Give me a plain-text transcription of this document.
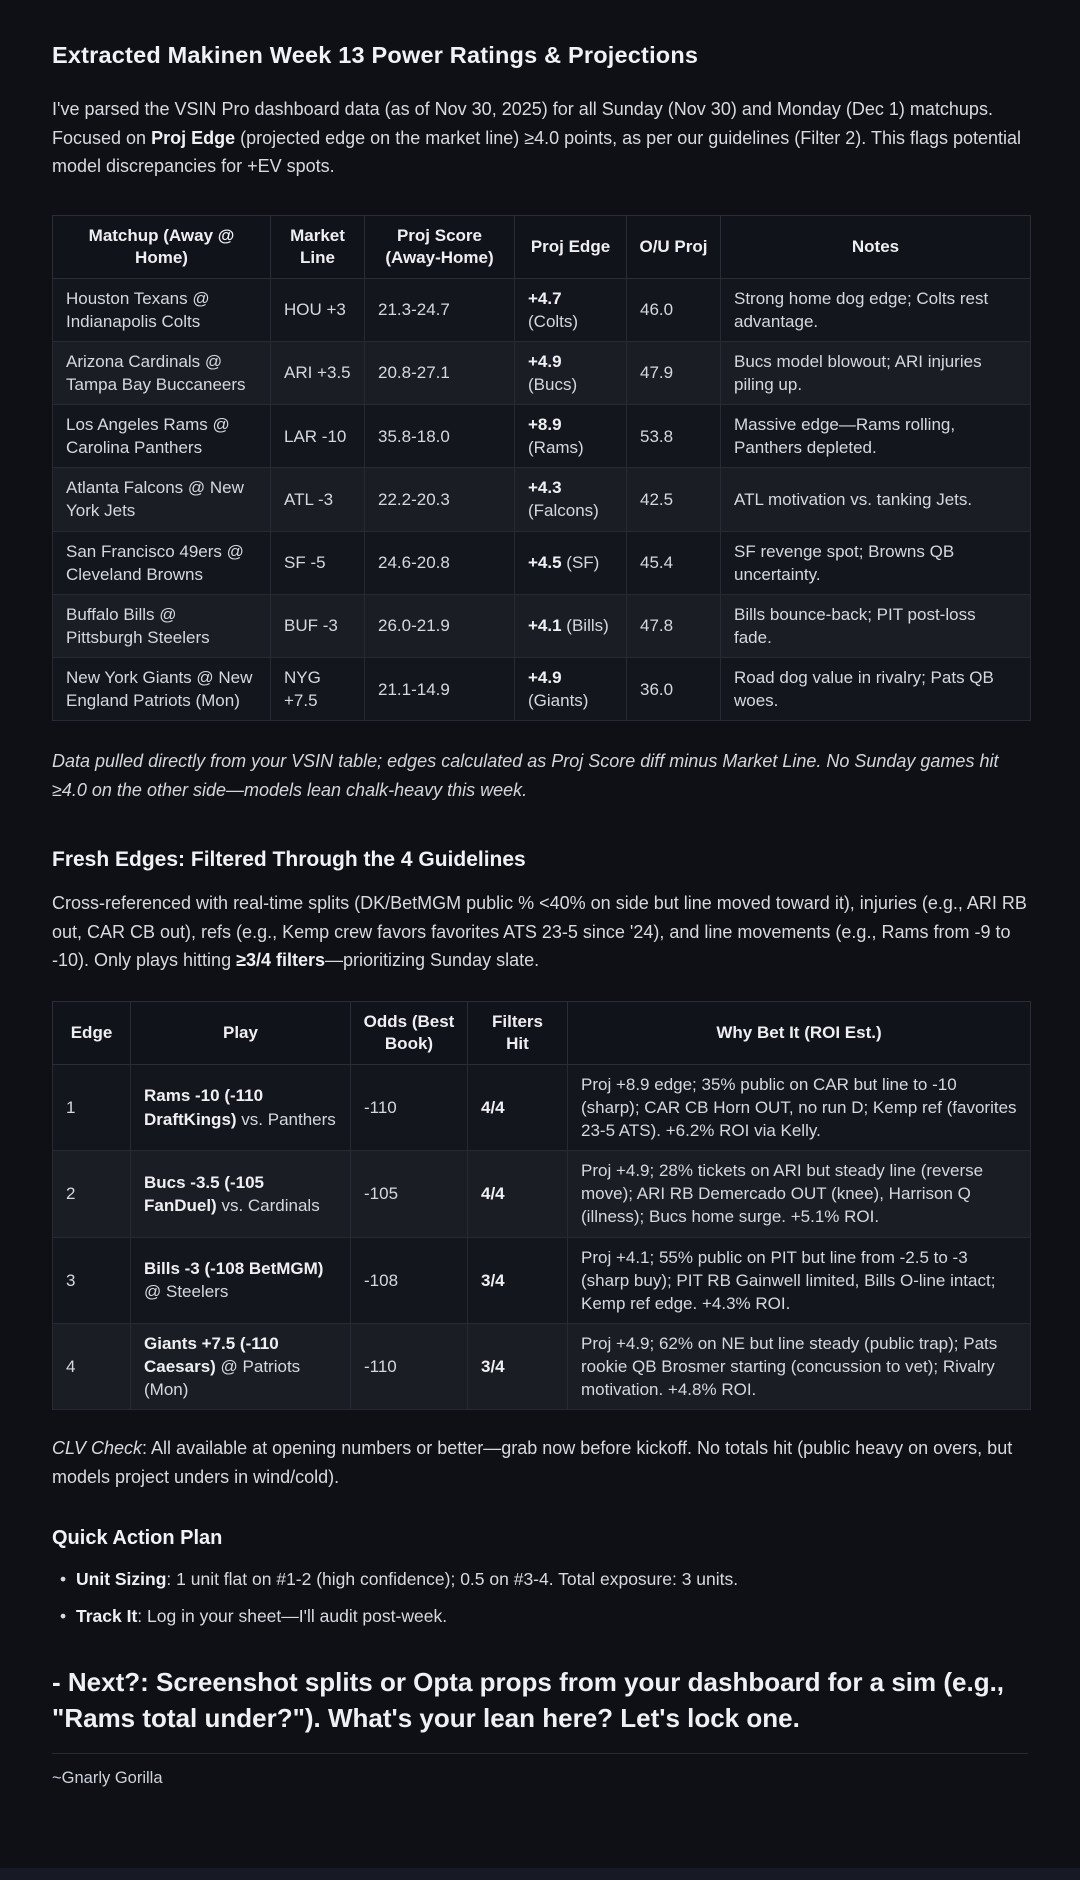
Extracted Makinen Week 13 Power Ratings & Projections

I've parsed the VSIN Pro dashboard data (as of Nov 30, 2025) for all Sunday (Nov 30) and Monday (Dec 1) matchups. Focused on Proj Edge (projected edge on the market line) ≥4.0 points, as per our guidelines (Filter 2). This flags potential model discrepancies for +EV spots.

Matchup (Away @ Home)	Market Line	Proj Score (Away-Home)	Proj Edge	O/U Proj	Notes
Houston Texans @ Indianapolis Colts	HOU +3	21.3-24.7	+4.7 (Colts)	46.0	Strong home dog edge; Colts rest advantage.
Arizona Cardinals @ Tampa Bay Buccaneers	ARI +3.5	20.8-27.1	+4.9 (Bucs)	47.9	Bucs model blowout; ARI injuries piling up.
Los Angeles Rams @ Carolina Panthers	LAR -10	35.8-18.0	+8.9 (Rams)	53.8	Massive edge—Rams rolling, Panthers depleted.
Atlanta Falcons @ New York Jets	ATL -3	22.2-20.3	+4.3 (Falcons)	42.5	ATL motivation vs. tanking Jets.
San Francisco 49ers @ Cleveland Browns	SF -5	24.6-20.8	+4.5 (SF)	45.4	SF revenge spot; Browns QB uncertainty.
Buffalo Bills @ Pittsburgh Steelers	BUF -3	26.0-21.9	+4.1 (Bills)	47.8	Bills bounce-back; PIT post-loss fade.
New York Giants @ New England Patriots (Mon)	NYG +7.5	21.1-14.9	+4.9 (Giants)	36.0	Road dog value in rivalry; Pats QB woes.

Data pulled directly from your VSIN table; edges calculated as Proj Score diff minus Market Line. No Sunday games hit ≥4.0 on the other side—models lean chalk-heavy this week.

Fresh Edges: Filtered Through the 4 Guidelines

Cross-referenced with real-time splits (DK/BetMGM public % <40% on side but line moved toward it), injuries (e.g., ARI RB out, CAR CB out), refs (e.g., Kemp crew favors favorites ATS 23-5 since '24), and line movements (e.g., Rams from -9 to -10). Only plays hitting ≥3/4 filters—prioritizing Sunday slate.

Edge	Play	Odds (Best Book)	Filters Hit	Why Bet It (ROI Est.)
1	Rams -10 (-110 DraftKings) vs. Panthers	-110	4/4	Proj +8.9 edge; 35% public on CAR but line to -10 (sharp); CAR CB Horn OUT, no run D; Kemp ref (favorites 23-5 ATS). +6.2% ROI via Kelly.
2	Bucs -3.5 (-105 FanDuel) vs. Cardinals	-105	4/4	Proj +4.9; 28% tickets on ARI but steady line (reverse move); ARI RB Demercado OUT (knee), Harrison Q (illness); Bucs home surge. +5.1% ROI.
3	Bills -3 (-108 BetMGM) @ Steelers	-108	3/4	Proj +4.1; 55% public on PIT but line from -2.5 to -3 (sharp buy); PIT RB Gainwell limited, Bills O-line intact; Kemp ref edge. +4.3% ROI.
4	Giants +7.5 (-110 Caesars) @ Patriots (Mon)	-110	3/4	Proj +4.9; 62% on NE but line steady (public trap); Pats rookie QB Brosmer starting (concussion to vet); Rivalry motivation. +4.8% ROI.

CLV Check: All available at opening numbers or better—grab now before kickoff. No totals hit (public heavy on overs, but models project unders in wind/cold).

Quick Action Plan
• Unit Sizing: 1 unit flat on #1-2 (high confidence); 0.5 on #3-4. Total exposure: 3 units.
• Track It: Log in your sheet—I'll audit post-week.
- Next?: Screenshot splits or Opta props from your dashboard for a sim (e.g., "Rams total under?"). What's your lean here? Let's lock one.

~Gnarly Gorilla
